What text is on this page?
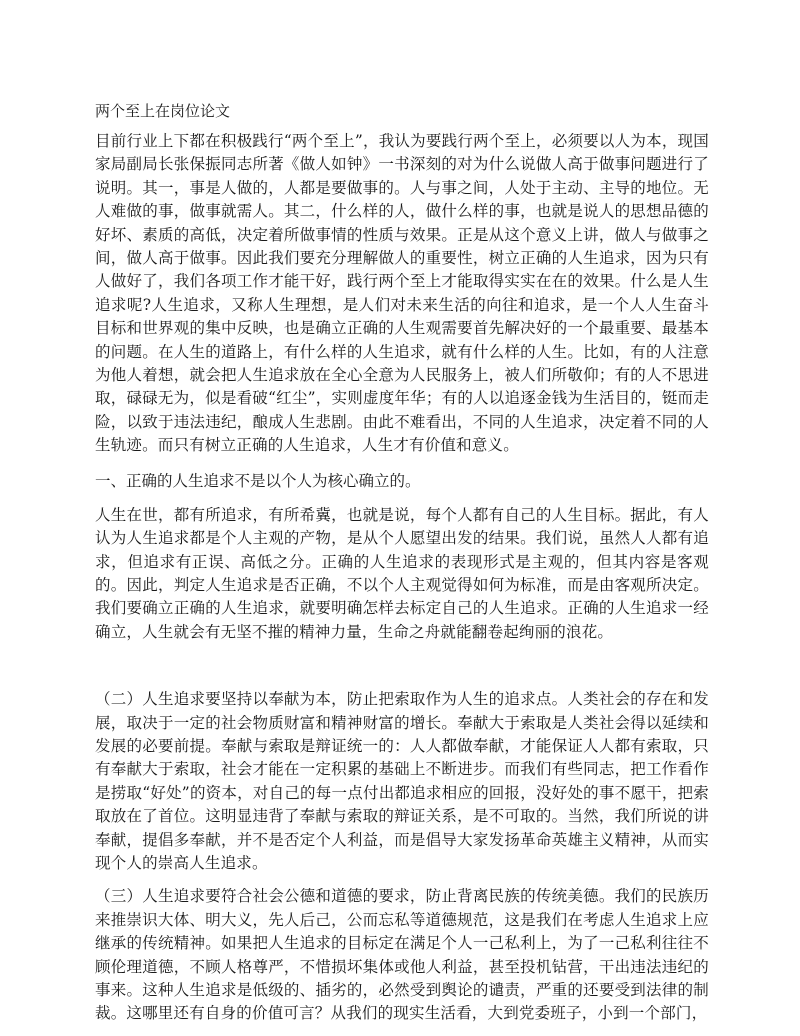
两个至上在岗位论文

目前行业上下都在积极践行“两个至上”，我认为要践行两个至上，必须要以人为本，现国家局副局长张保振同志所著《做人如钟》一书深刻的对为什么说做人高于做事问题进行了说明。其一，事是人做的，人都是要做事的。人与事之间，人处于主动、主导的地位。无人难做的事，做事就需人。其二，什么样的人，做什么样的事，也就是说人的思想品德的好坏、素质的高低，决定着所做事情的性质与效果。正是从这个意义上讲，做人与做事之间，做人高于做事。因此我们要充分理解做人的重要性，树立正确的人生追求，因为只有人做好了，我们各项工作才能干好，践行两个至上才能取得实实在在的效果。什么是人生追求呢?人生追求，又称人生理想，是人们对未来生活的向往和追求，是一个人人生奋斗目标和世界观的集中反映，也是确立正确的人生观需要首先解决好的一个最重要、最基本的问题。在人生的道路上，有什么样的人生追求，就有什么样的人生。比如，有的人注意为他人着想，就会把人生追求放在全心全意为人民服务上，被人们所敬仰；有的人不思进取，碌碌无为，似是看破“红尘”，实则虚度年华；有的人以追逐金钱为生活目的，铤而走险，以致于违法违纪，酿成人生悲剧。由此不难看出，不同的人生追求，决定着不同的人生轨迹。而只有树立正确的人生追求，人生才有价值和意义。

一、正确的人生追求不是以个人为核心确立的。

人生在世，都有所追求，有所希冀，也就是说，每个人都有自己的人生目标。据此，有人认为人生追求都是个人主观的产物，是从个人愿望出发的结果。我们说，虽然人人都有追求，但追求有正误、高低之分。正确的人生追求的表现形式是主观的，但其内容是客观的。因此，判定人生追求是否正确，不以个人主观觉得如何为标准，而是由客观所决定。我们要确立正确的人生追求，就要明确怎样去标定自己的人生追求。正确的人生追求一经确立，人生就会有无坚不摧的精神力量，生命之舟就能翻卷起绚丽的浪花。

（二）人生追求要坚持以奉献为本，防止把索取作为人生的追求点。人类社会的存在和发展，取决于一定的社会物质财富和精神财富的增长。奉献大于索取是人类社会得以延续和发展的必要前提。奉献与索取是辩证统一的：人人都做奉献，才能保证人人都有索取，只有奉献大于索取，社会才能在一定积累的基础上不断进步。而我们有些同志，把工作看作是捞取“好处”的资本，对自己的每一点付出都追求相应的回报，没好处的事不愿干，把索取放在了首位。这明显违背了奉献与索取的辩证关系，是不可取的。当然，我们所说的讲奉献，提倡多奉献，并不是否定个人利益，而是倡导大家发扬革命英雄主义精神，从而实现个人的崇高人生追求。

（三）人生追求要符合社会公德和道德的要求，防止背离民族的传统美德。我们的民族历来推崇识大体、明大义，先人后己，公而忘私等道德规范，这是我们在考虑人生追求上应继承的传统精神。如果把人生追求的目标定在满足个人一己私利上，为了一己私利往往不顾伦理道德，不顾人格尊严，不惜损坏集体或他人利益，甚至投机钻营，干出违法违纪的事来。这种人生追求是低级的、插劣的，必然受到舆论的谴责，严重的还要受到法律的制裁。这哪里还有自身的价值可言？从我们的现实生活看，大到党委班子，小到一个部门，
